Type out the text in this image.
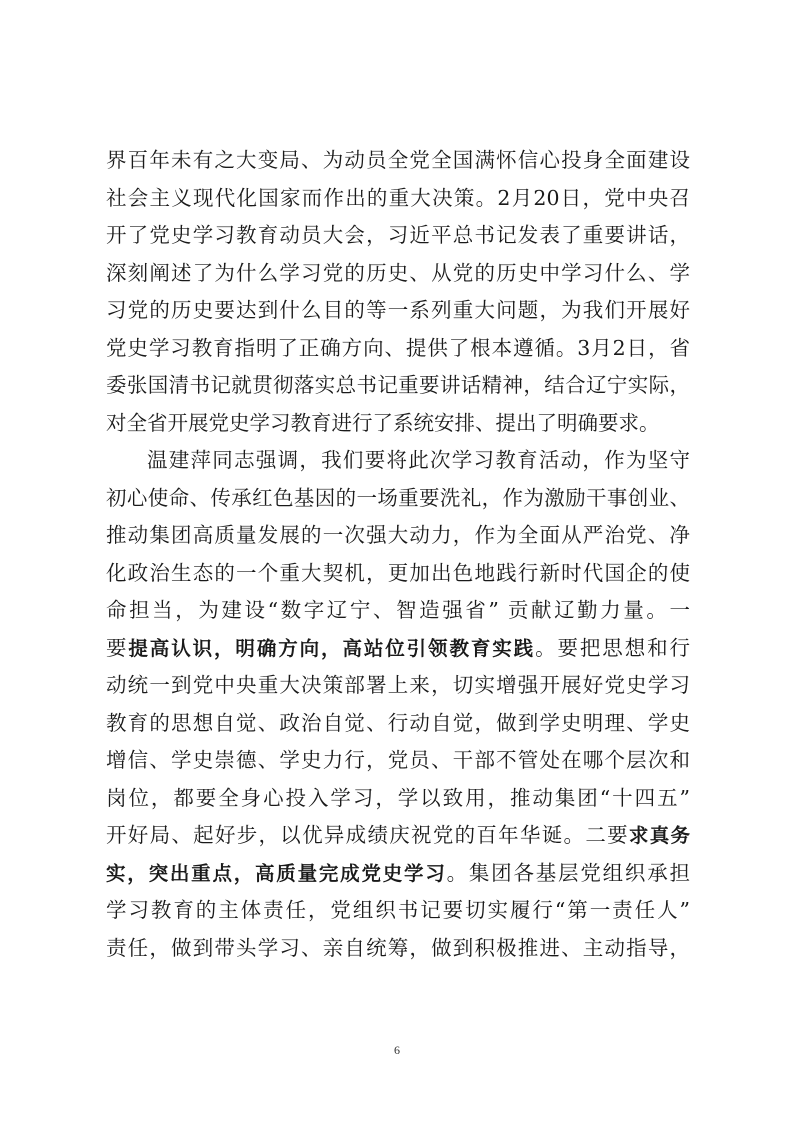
界百年未有之大变局、为动员全党全国满怀信心投身全面建设
社会主义现代化国家而作出的重大决策。2月20日，党中央召
开了党史学习教育动员大会，习近平总书记发表了重要讲话，
深刻阐述了为什么学习党的历史、从党的历史中学习什么、学
习党的历史要达到什么目的等一系列重大问题，为我们开展好
党史学习教育指明了正确方向、提供了根本遵循。3月2日，省
委张国清书记就贯彻落实总书记重要讲话精神，结合辽宁实际，
对全省开展党史学习教育进行了系统安排、提出了明确要求。
温建萍同志强调，我们要将此次学习教育活动，作为坚守
初心使命、传承红色基因的一场重要洗礼，作为激励干事创业、
推动集团高质量发展的一次强大动力，作为全面从严治党、净
化政治生态的一个重大契机，更加出色地践行新时代国企的使
命担当，为建设“数字辽宁、智造强省” 贡献辽勤力量。一
要提高认识，明确方向，高站位引领教育实践。要把思想和行
动统一到党中央重大决策部署上来，切实增强开展好党史学习
教育的思想自觉、政治自觉、行动自觉，做到学史明理、学史
增信、学史崇德、学史力行，党员、干部不管处在哪个层次和
岗位，都要全身心投入学习，学以致用，推动集团“十四五”
开好局、起好步，以优异成绩庆祝党的百年华诞。二要求真务
实，突出重点，高质量完成党史学习。集团各基层党组织承担
学习教育的主体责任，党组织书记要切实履行“第一责任人”
责任，做到带头学习、亲自统筹，做到积极推进、主动指导，
6
